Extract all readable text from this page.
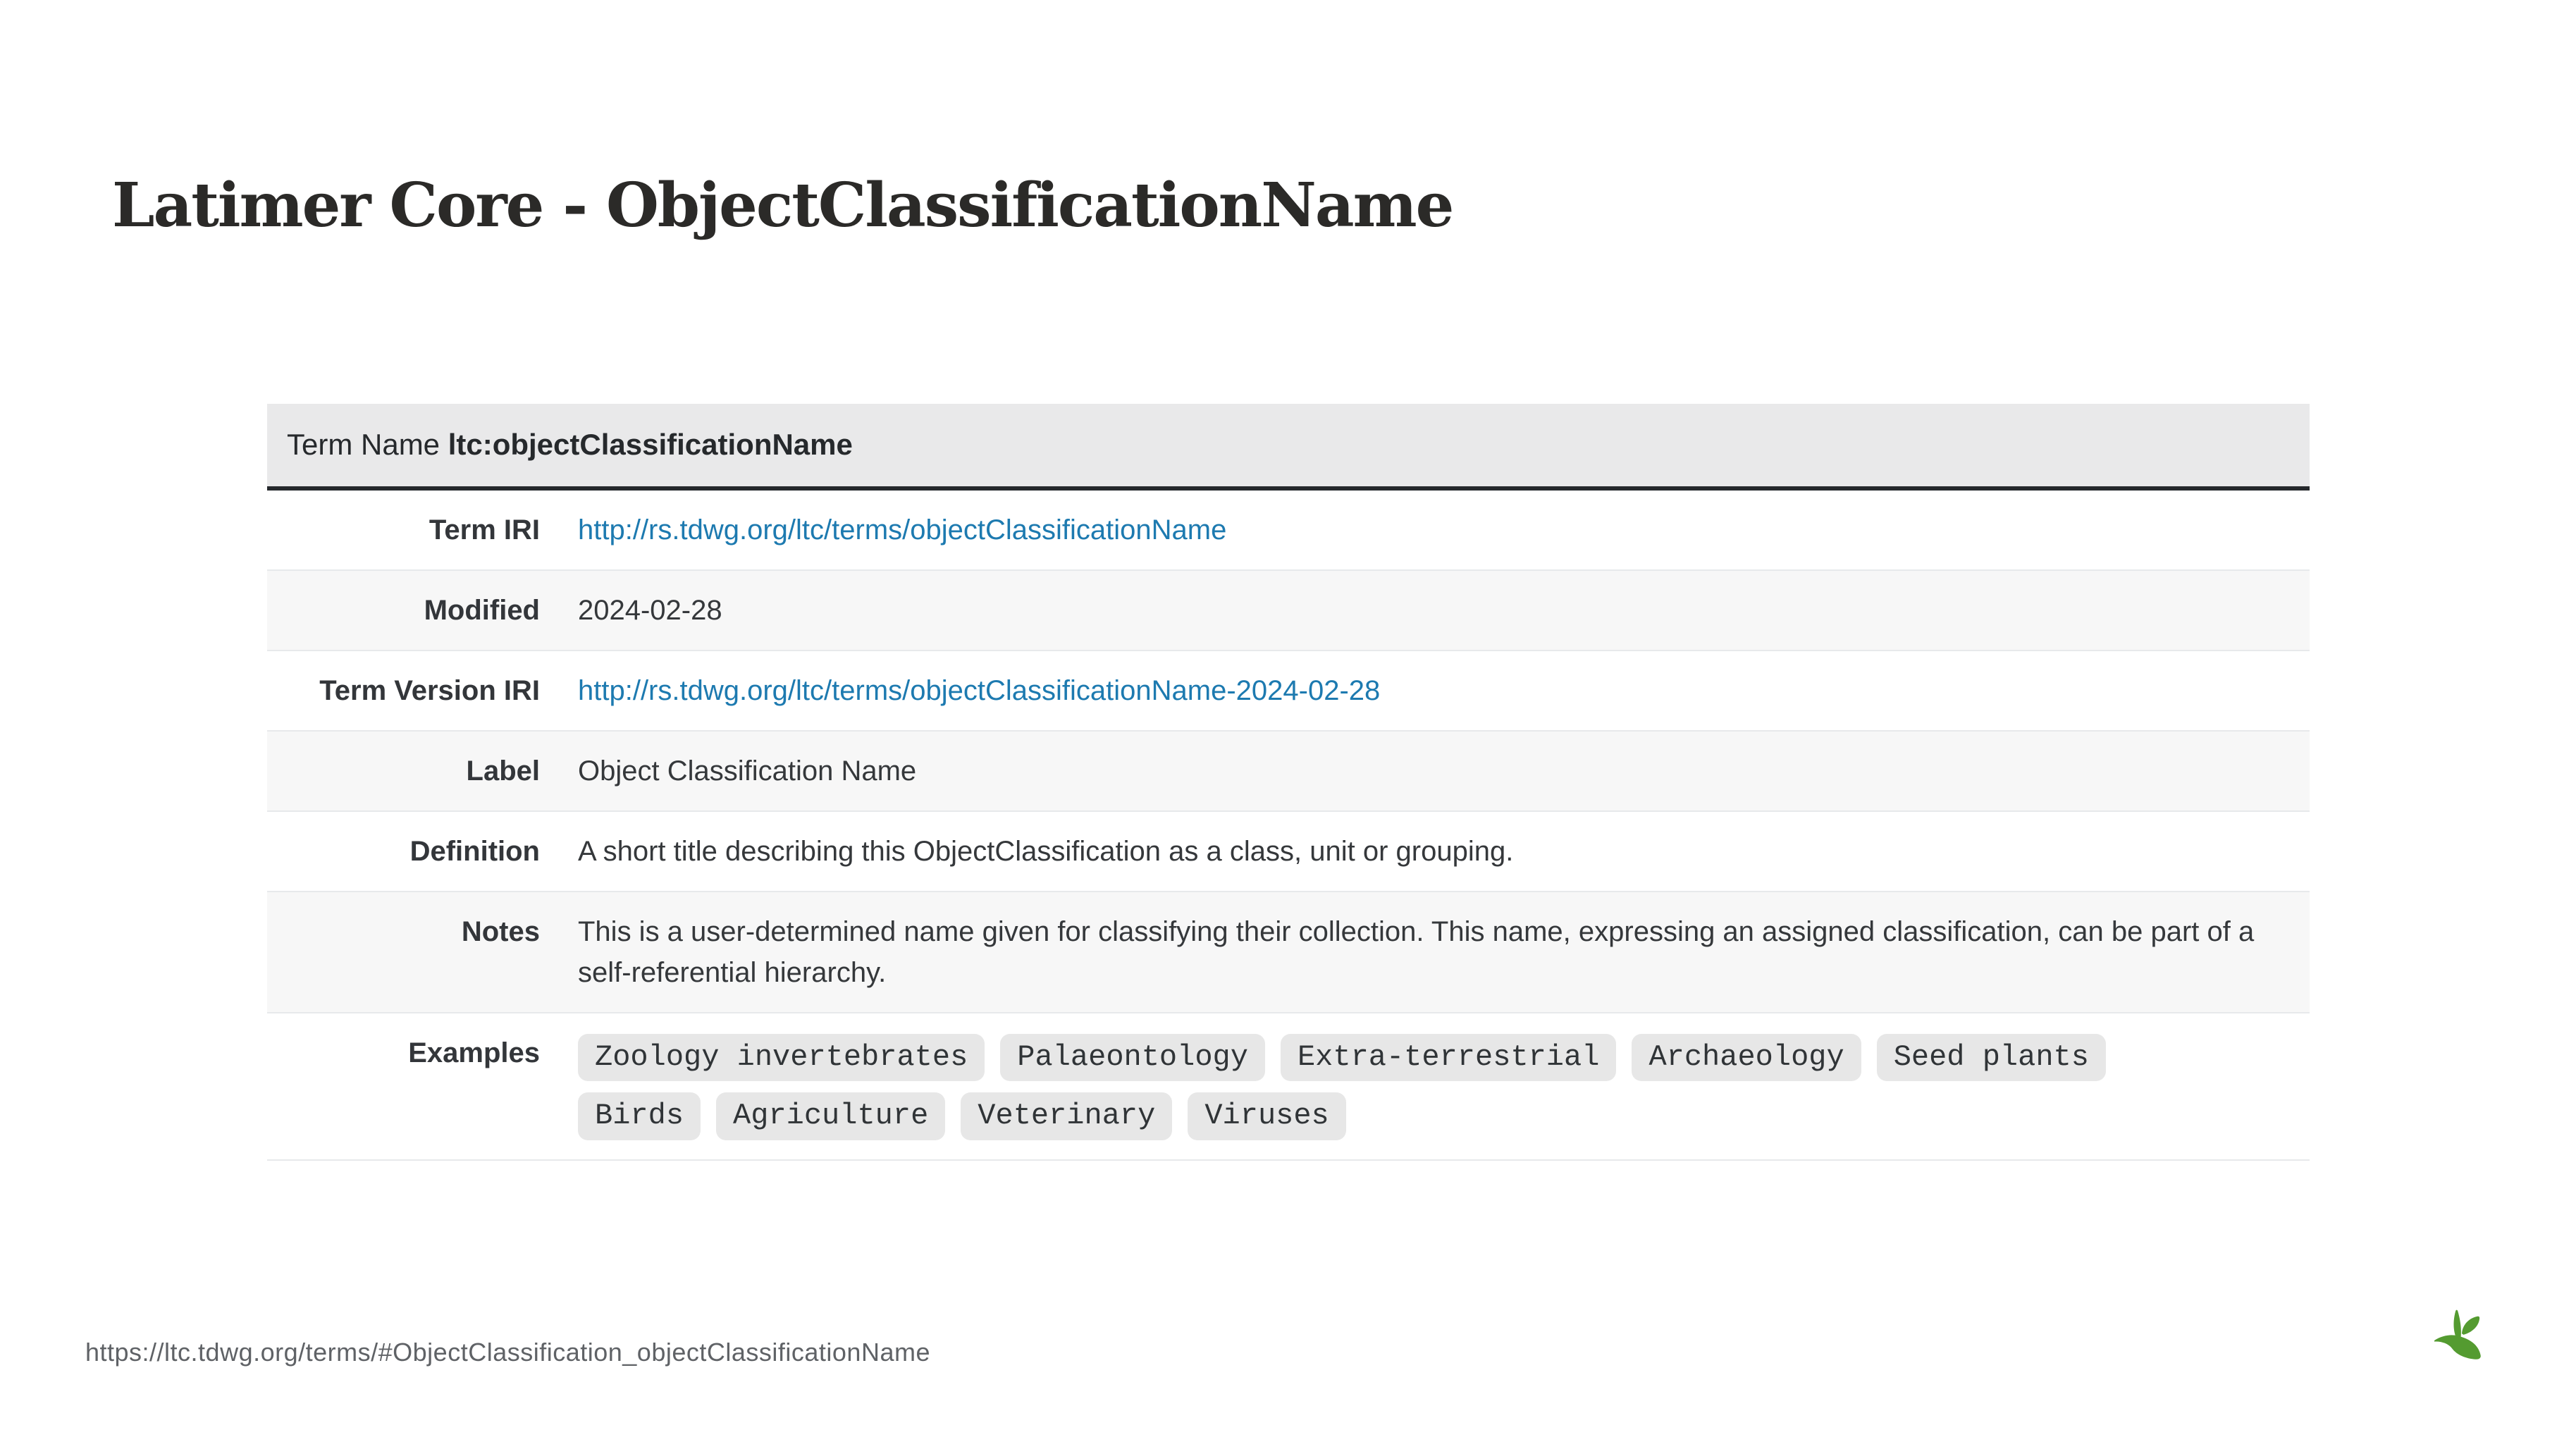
Latimer Core - ObjectClassificationName
Term Name ltc:objectClassificationName	
Term IRI	http://rs.tdwg.org/ltc/terms/objectClassificationName
Modified	2024-02-28
Term Version IRI	http://rs.tdwg.org/ltc/terms/objectClassificationName-2024-02-28
Label	Object Classification Name
Definition	A short title describing this ObjectClassification as a class, unit or grouping.
Notes	This is a user-determined name given for classifying their collection. This name, expressing an assigned classification, can be part of a self-referential hierarchy.
Examples	Zoology invertebrates	Palaeontology	Extra-terrestrial	Archaeology	Seed plants
Birds	Agriculture	Veterinary	Viruses
https://ltc.tdwg.org/terms/#ObjectClassification_objectClassificationName
